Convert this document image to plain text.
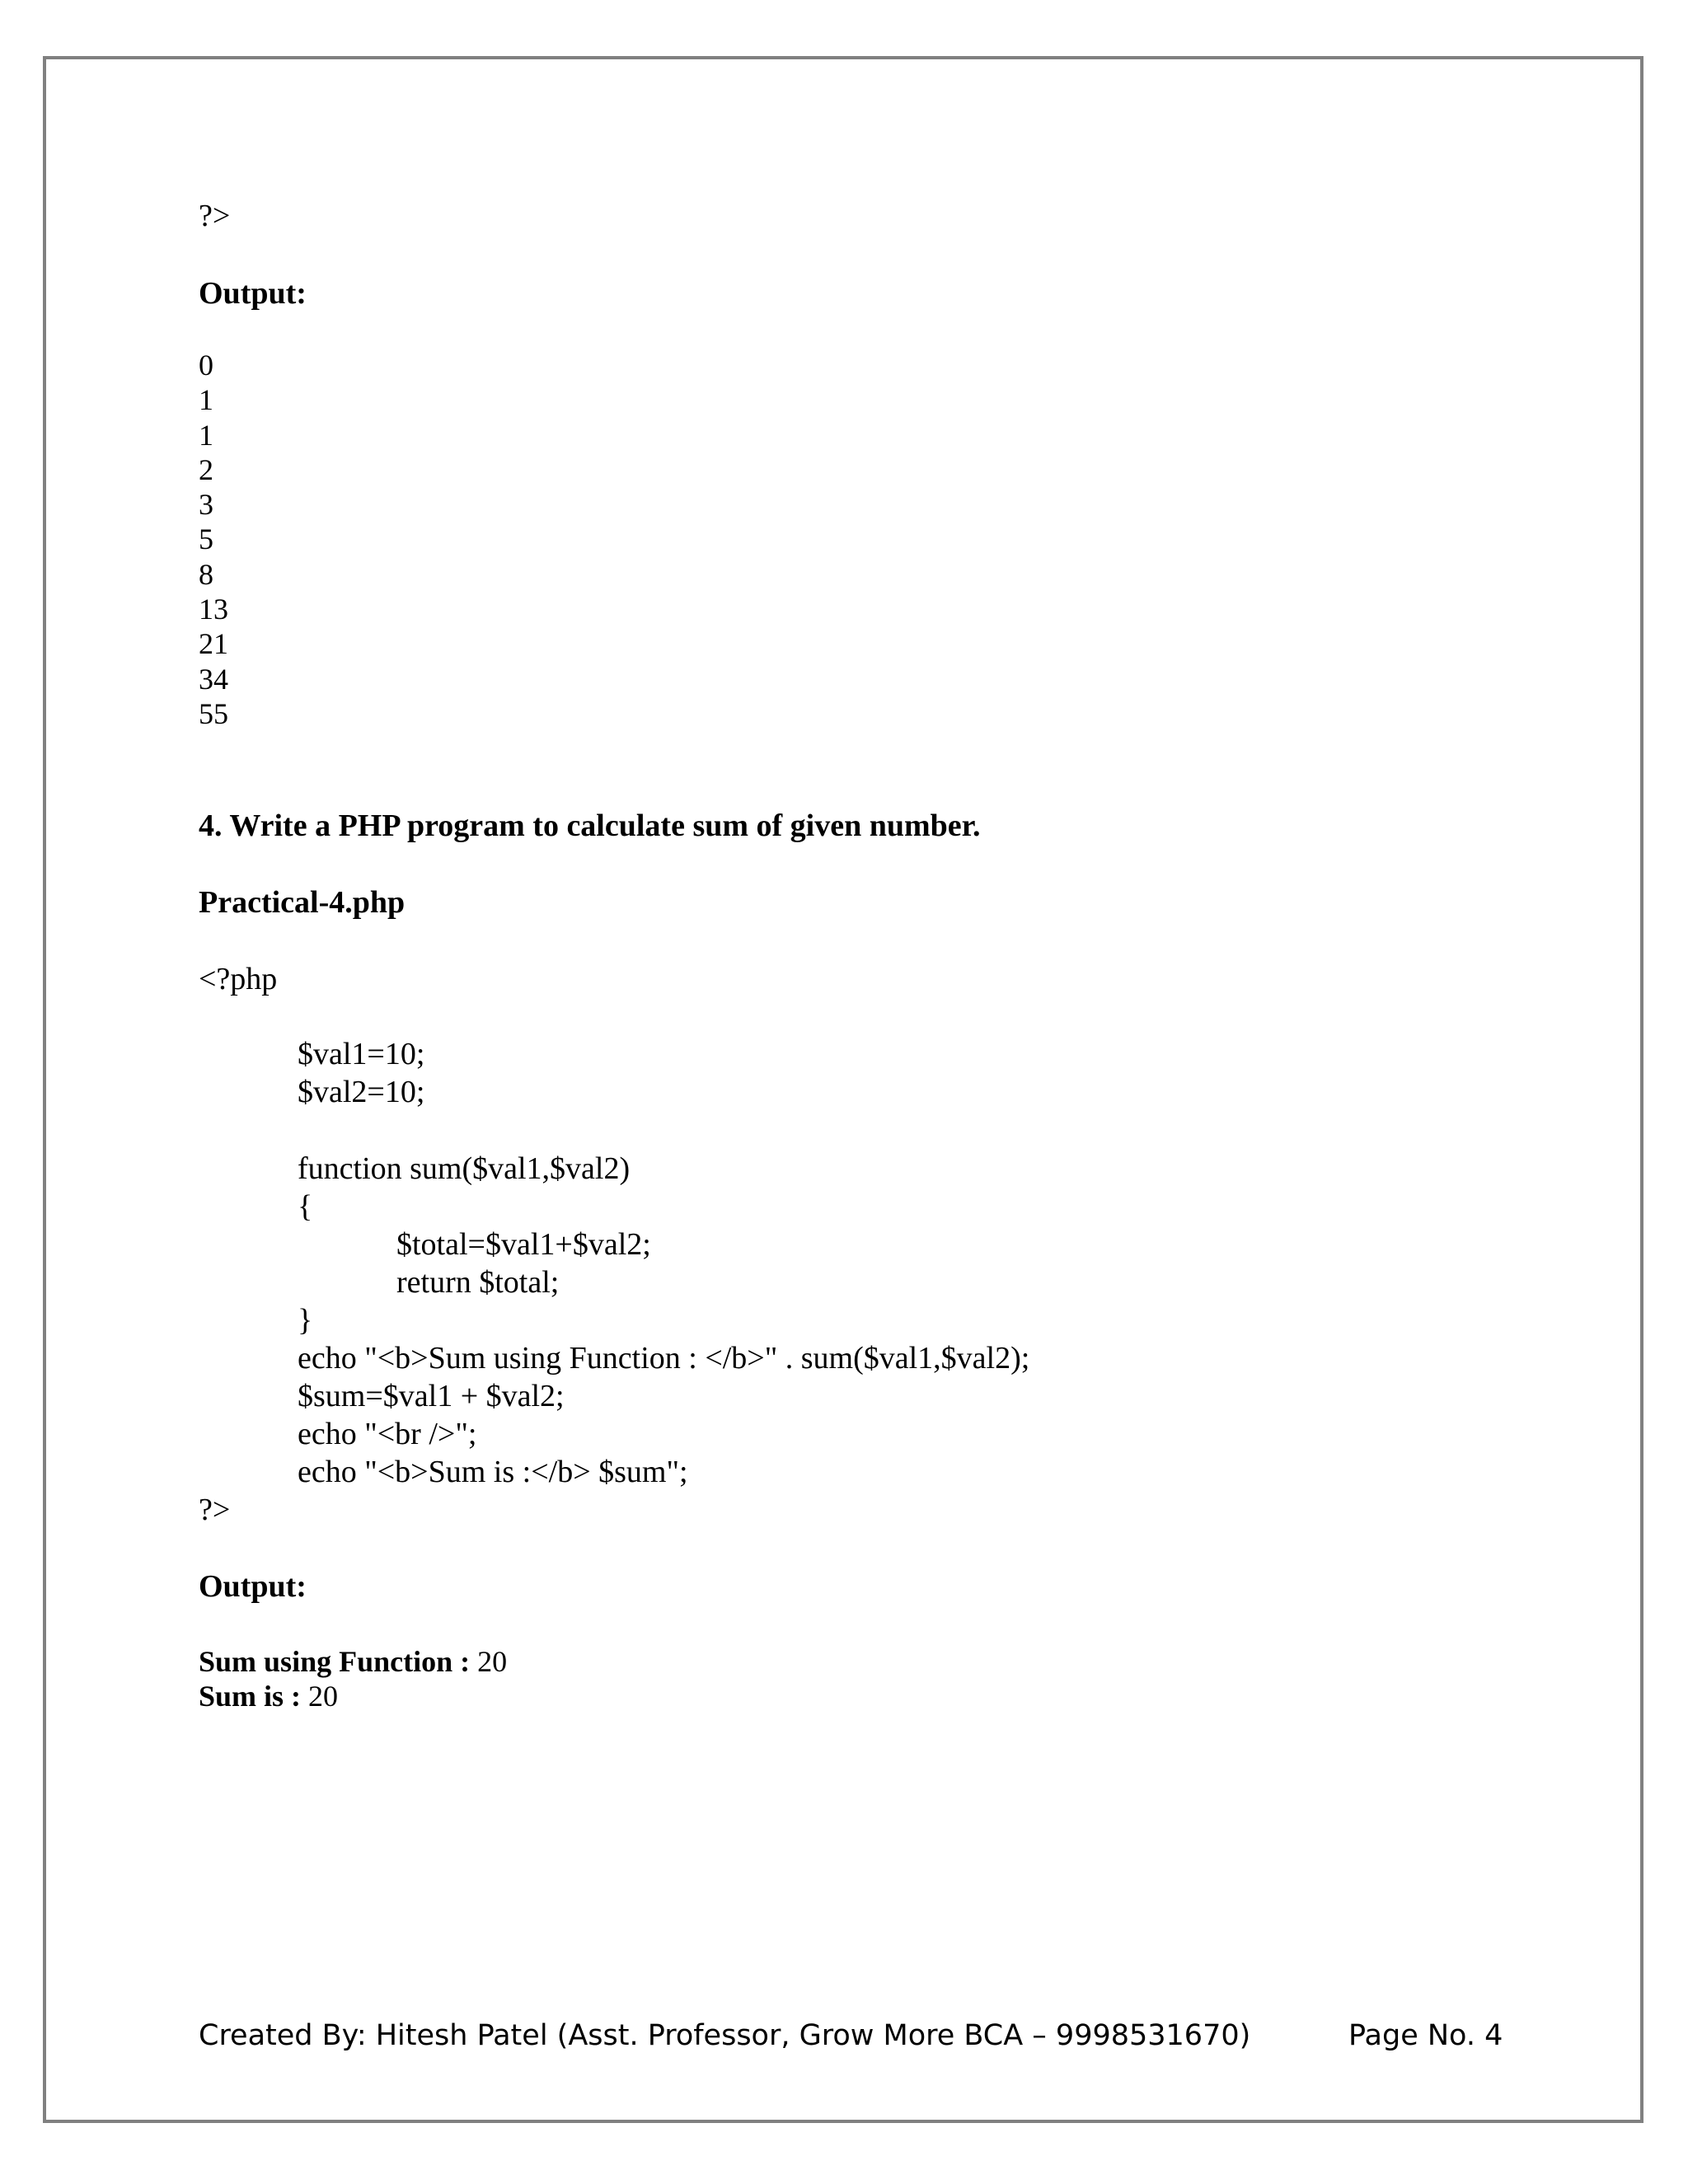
?>
Output:
0
1
1
2
3
5
8
13
21
34
55
4. Write a PHP program to calculate sum of given number.
Practical-4.php
<?php
$val1=10;
$val2=10;
function sum($val1,$val2)
{
$total=$val1+$val2;
return $total;
}
echo "<b>Sum using Function : </b>" . sum($val1,$val2);
$sum=$val1 + $val2;
echo "<br />";
echo "<b>Sum is :</b> $sum";
?>
Output:
Sum using Function : 20
Sum is : 20
Created By: Hitesh Patel (Asst. Professor, Grow More BCA – 9998531670)	Page No. 4
